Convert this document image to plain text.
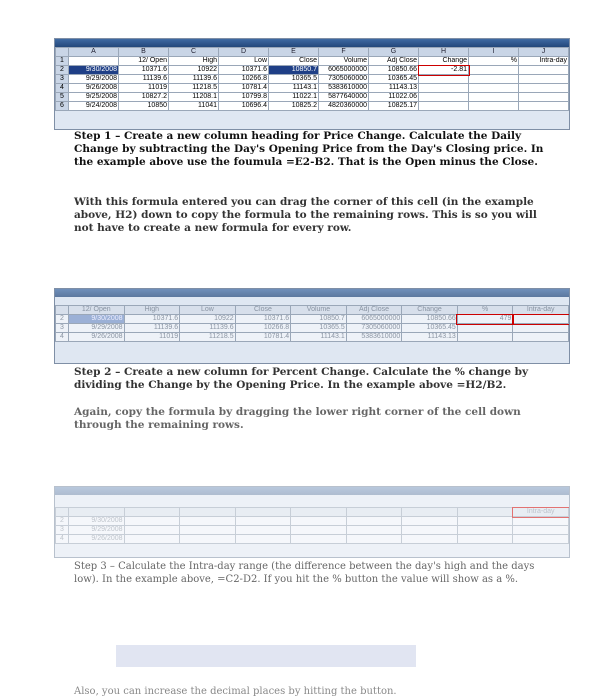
	A	B	C	D	E	F	G	H	I	J
1		12/ Open	High	Low	Close	Volume	Adj Close	Change	%	Intra-day
2	9/30/2008	10371.6	10922	10371.6	10850.7	6065000000	10850.66	-2.81		
3	9/29/2008	11139.6	11139.6	10266.8	10365.5	7305060000	10365.45			
4	9/26/2008	11019	11218.5	10781.4	11143.1	5383610000	11143.13			
5	9/25/2008	10827.2	11208.1	10799.8	11022.1	5877640000	11022.06			
6	9/24/2008	10850	11041	10696.4	10825.2	4820360000	10825.17			
Step 1 – Create a new column heading for Price Change. Calculate the Daily Change by subtracting the Day's Opening Price from the Day's Closing price. In the example above use the foumula =E2-B2. That is the Open minus the Close.
With this formula entered you can drag the corner of this cell (in the example above, H2) down to copy the formula to the remaining rows. This is so you will not have to create a new formula for every row.
	12/ Open	High	Low	Close	Volume	Adj Close	Change	%	Intra-day
2	9/30/2008	10371.6	10922	10371.6	10850.7	6065000000	10850.66	479	
3	9/29/2008	11139.6	11139.6	10266.8	10365.5	7305060000	10365.45		
4	9/26/2008	11019	11218.5	10781.4	11143.1	5383610000	11143.13		
Step 2 – Create a new column for Percent Change. Calculate the % change by dividing the Change by the Opening Price. In the example above =H2/B2.
Again, copy the formula by dragging the lower right corner of the cell down through the remaining rows.
									Intra-day
2	9/30/2008								
3	9/29/2008								
4	9/26/2008								
Step 3 – Calculate the Intra-day range (the difference between the day's high and the days low). In the example above, =C2-D2. If you hit the % button the value will show as a %.
Also, you can increase the decimal places by hitting the button.
